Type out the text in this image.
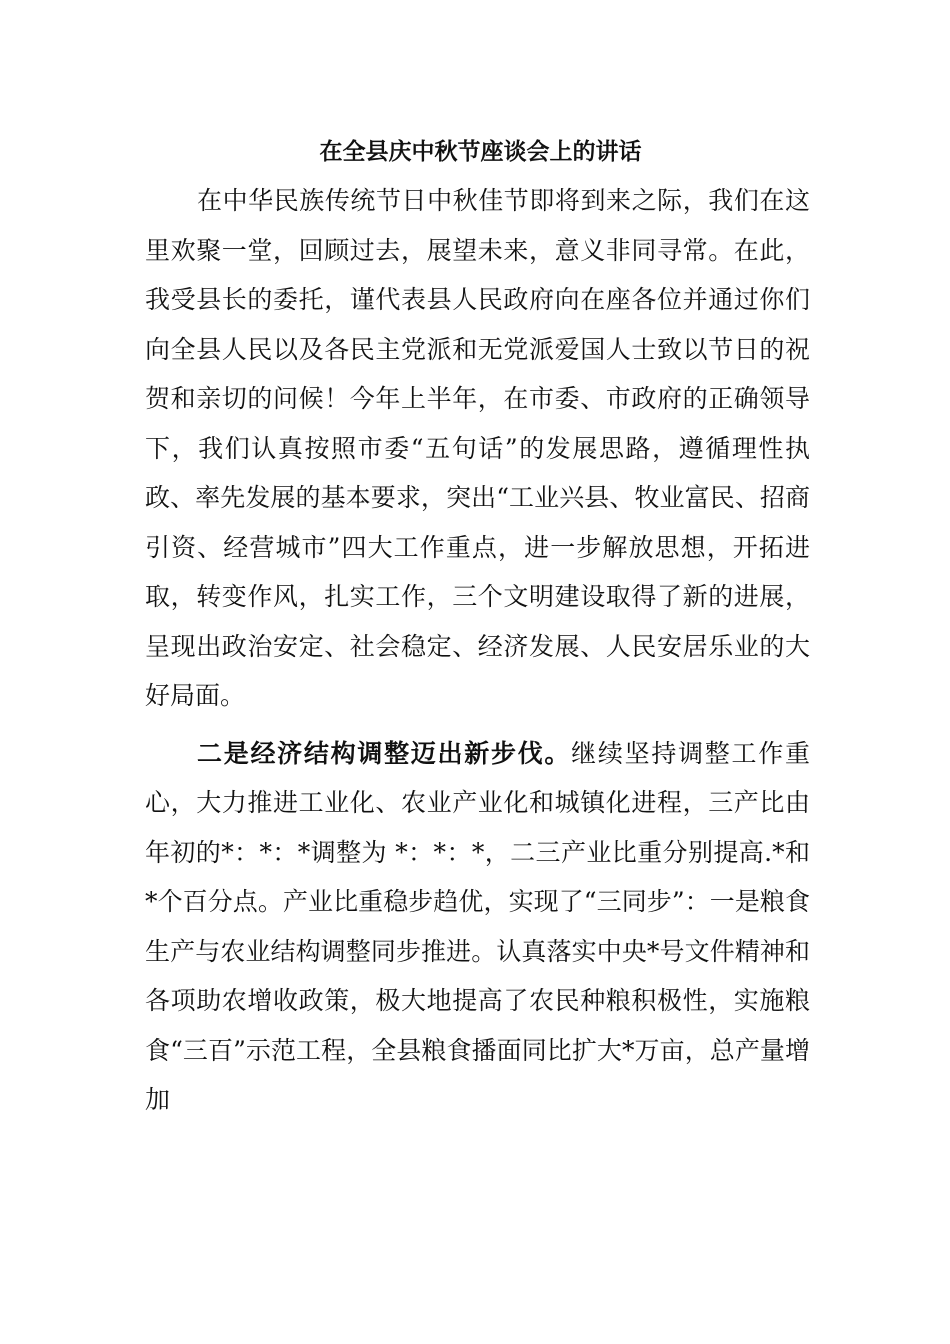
在全县庆中秋节座谈会上的讲话

在中华民族传统节日中秋佳节即将到来之际，我们在这里欢聚一堂，回顾过去，展望未来，意义非同寻常。在此，我受县长的委托，谨代表县人民政府向在座各位并通过你们向全县人民以及各民主党派和无党派爱国人士致以节日的祝贺和亲切的问候！今年上半年，在市委、市政府的正确领导下，我们认真按照市委“五句话”的发展思路，遵循理性执政、率先发展的基本要求，突出“工业兴县、牧业富民、招商引资、经营城市”四大工作重点，进一步解放思想，开拓进取，转变作风，扎实工作，三个文明建设取得了新的进展，呈现出政治安定、社会稳定、经济发展、人民安居乐业的大好局面。

二是经济结构调整迈出新步伐。继续坚持调整工作重心，大力推进工业化、农业产业化和城镇化进程，三产比由年初的*：*：*调整为 *：*：*，二三产业比重分别提高.*和*个百分点。产业比重稳步趋优，实现了“三同步”：一是粮食生产与农业结构调整同步推进。认真落实中央*号文件精神和各项助农增收政策，极大地提高了农民种粮积极性，实施粮食“三百”示范工程，全县粮食播面同比扩大*万亩，总产量增加
